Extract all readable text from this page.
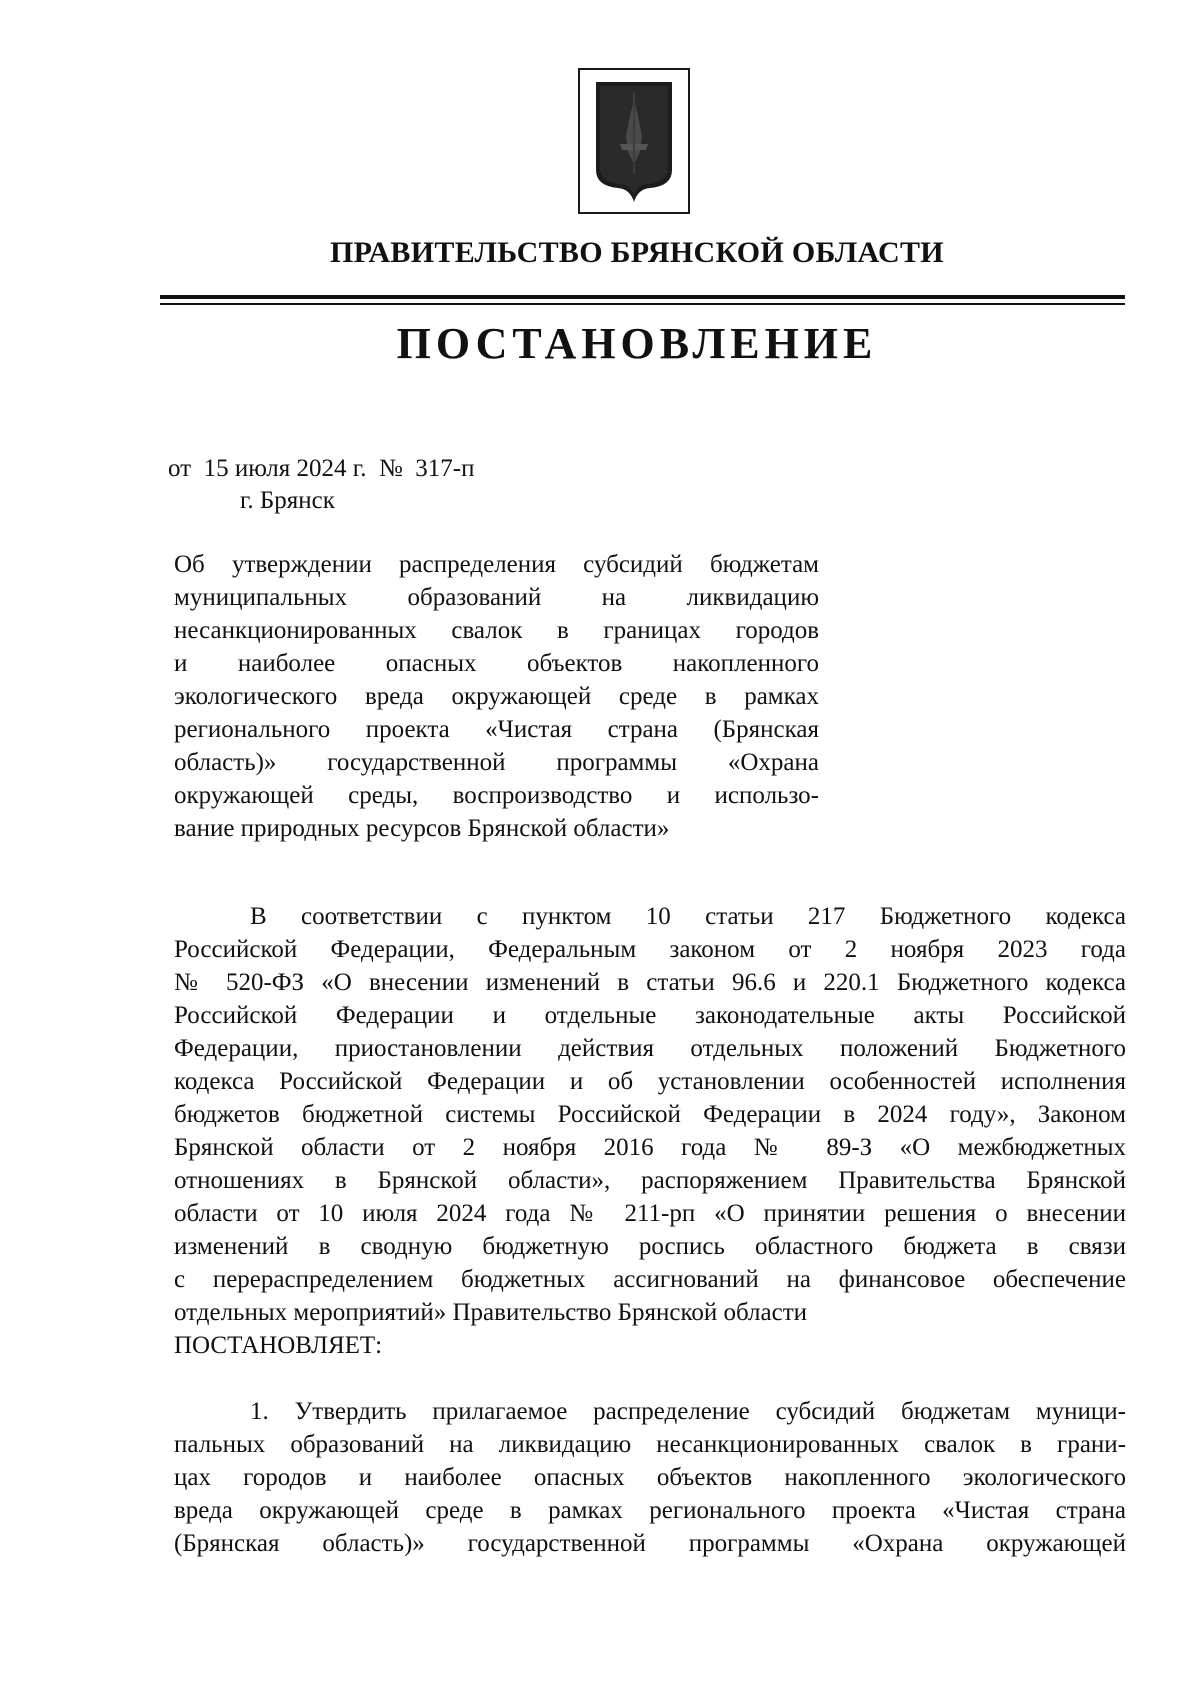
ПРАВИТЕЛЬСТВО БРЯНСКОЙ ОБЛАСТИ
ПОСТАНОВЛЕНИЕ
от  15 июля 2024 г.  №  317-п
г. Брянск
Об утверждении распределения субсидий бюджетам
муниципальных образований на ликвидацию
несанкционированных свалок в границах городов
и наиболее опасных объектов накопленного
экологического вреда окружающей среде в рамках
регионального проекта «Чистая страна (Брянская
область)» государственной программы «Охрана
окружающей среды, воспроизводство и использо-
вание природных ресурсов Брянской области»
В соответствии с пунктом 10 статьи 217 Бюджетного кодекса
Российской Федерации, Федеральным законом от 2 ноября 2023 года
№ 520-ФЗ «О внесении изменений в статьи 96.6 и 220.1 Бюджетного кодекса
Российской Федерации и отдельные законодательные акты Российской
Федерации, приостановлении действия отдельных положений Бюджетного
кодекса Российской Федерации и об установлении особенностей исполнения
бюджетов бюджетной системы Российской Федерации в 2024 году», Законом
Брянской области от 2 ноября 2016 года № 89-З «О межбюджетных
отношениях в Брянской области», распоряжением Правительства Брянской
области от 10 июля 2024 года № 211-рп «О принятии решения о внесении
изменений в сводную бюджетную роспись областного бюджета в связи
с перераспределением бюджетных ассигнований на финансовое обеспечение
отдельных мероприятий» Правительство Брянской области
ПОСТАНОВЛЯЕТ:
1. Утвердить прилагаемое распределение субсидий бюджетам муници-
пальных образований на ликвидацию несанкционированных свалок в грани-
цах городов и наиболее опасных объектов накопленного экологического
вреда окружающей среде в рамках регионального проекта «Чистая страна
(Брянская область)» государственной программы «Охрана окружающей
